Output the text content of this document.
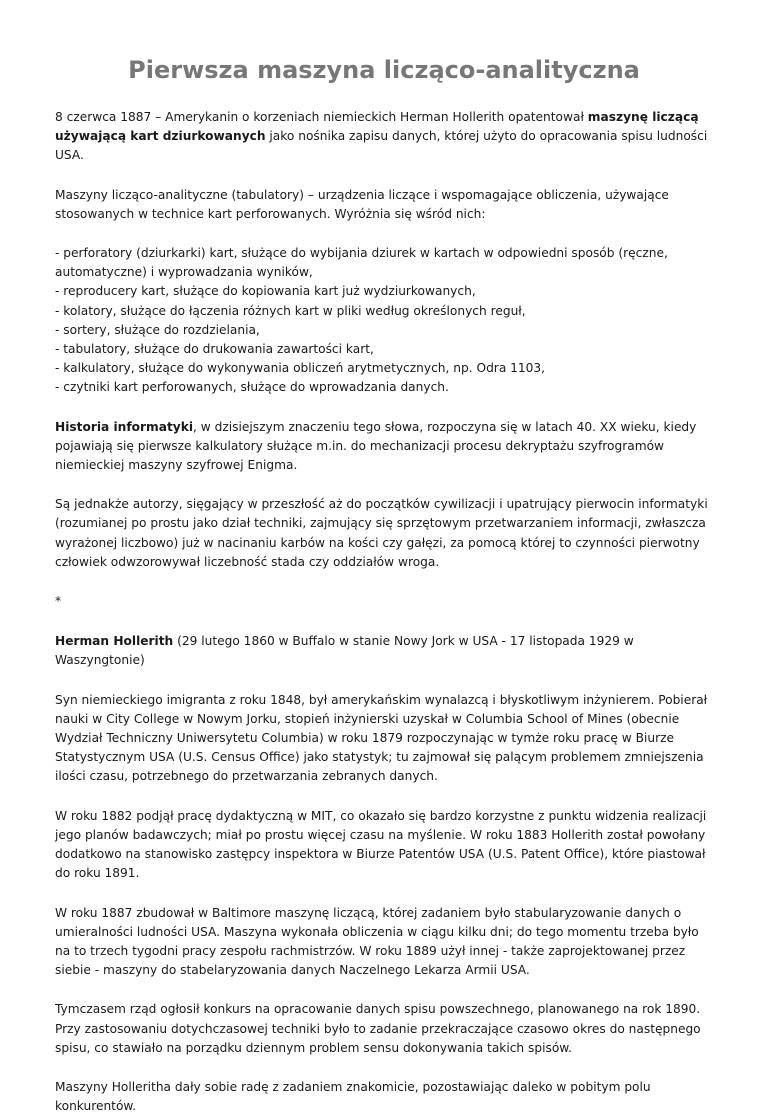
Pierwsza maszyna licząco-analityczna

8 czerwca 1887 – Amerykanin o korzeniach niemieckich Herman Hollerith opatentował maszynę liczącą używającą kart dziurkowanych jako nośnika zapisu danych, której użyto do opracowania spisu ludności USA.

Maszyny licząco-analityczne (tabulatory) – urządzenia liczące i wspomagające obliczenia, używające stosowanych w technice kart perforowanych. Wyróżnia się wśród nich:

- perforatory (dziurkarki) kart, służące do wybijania dziurek w kartach w odpowiedni sposób (ręczne, automatyczne) i wyprowadzania wyników,
- reproducery kart, służące do kopiowania kart już wydziurkowanych,
- kolatory, służące do łączenia różnych kart w pliki według określonych reguł,
- sortery, służące do rozdzielania,
- tabulatory, służące do drukowania zawartości kart,
- kalkulatory, służące do wykonywania obliczeń arytmetycznych, np. Odra 1103,
- czytniki kart perforowanych, służące do wprowadzania danych.

Historia informatyki, w dzisiejszym znaczeniu tego słowa, rozpoczyna się w latach 40. XX wieku, kiedy pojawiają się pierwsze kalkulatory służące m.in. do mechanizacji procesu dekryptażu szyfrogramów niemieckiej maszyny szyfrowej Enigma.

Są jednakże autorzy, sięgający w przeszłość aż do początków cywilizacji i upatrujący pierwocin informatyki (rozumianej po prostu jako dział techniki, zajmujący się sprzętowym przetwarzaniem informacji, zwłaszcza wyrażonej liczbowo) już w nacinaniu karbów na kości czy gałęzi, za pomocą której to czynności pierwotny człowiek odwzorowywał liczebność stada czy oddziałów wroga.

*

Herman Hollerith (29 lutego 1860 w Buffalo w stanie Nowy Jork w USA - 17 listopada 1929 w Waszyngtonie)

Syn niemieckiego imigranta z roku 1848, był amerykańskim wynalazcą i błyskotliwym inżynierem. Pobierał nauki w City College w Nowym Jorku, stopień inżynierski uzyskał w Columbia School of Mines (obecnie Wydział Techniczny Uniwersytetu Columbia) w roku 1879 rozpoczynając w tymże roku pracę w Biurze Statystycznym USA (U.S. Census Office) jako statystyk; tu zajmował się palącym problemem zmniejszenia ilości czasu, potrzebnego do przetwarzania zebranych danych.

W roku 1882 podjął pracę dydaktyczną w MIT, co okazało się bardzo korzystne z punktu widzenia realizacji jego planów badawczych; miał po prostu więcej czasu na myślenie. W roku 1883 Hollerith został powołany dodatkowo na stanowisko zastępcy inspektora w Biurze Patentów USA (U.S. Patent Office), które piastował do roku 1891.

W roku 1887 zbudował w Baltimore maszynę liczącą, której zadaniem było stabularyzowanie danych o umieralności ludności USA. Maszyna wykonała obliczenia w ciągu kilku dni; do tego momentu trzeba było na to trzech tygodni pracy zespołu rachmistrzów. W roku 1889 użył innej - także zaprojektowanej przez siebie - maszyny do stabelaryzowania danych Naczelnego Lekarza Armii USA.

Tymczasem rząd ogłosił konkurs na opracowanie danych spisu powszechnego, planowanego na rok 1890. Przy zastosowaniu dotychczasowej techniki było to zadanie przekraczające czasowo okres do następnego spisu, co stawiało na porządku dziennym problem sensu dokonywania takich spisów.

Maszyny Holleritha dały sobie radę z zadaniem znakomicie, pozostawiając daleko w pobitym polu konkurentów.
